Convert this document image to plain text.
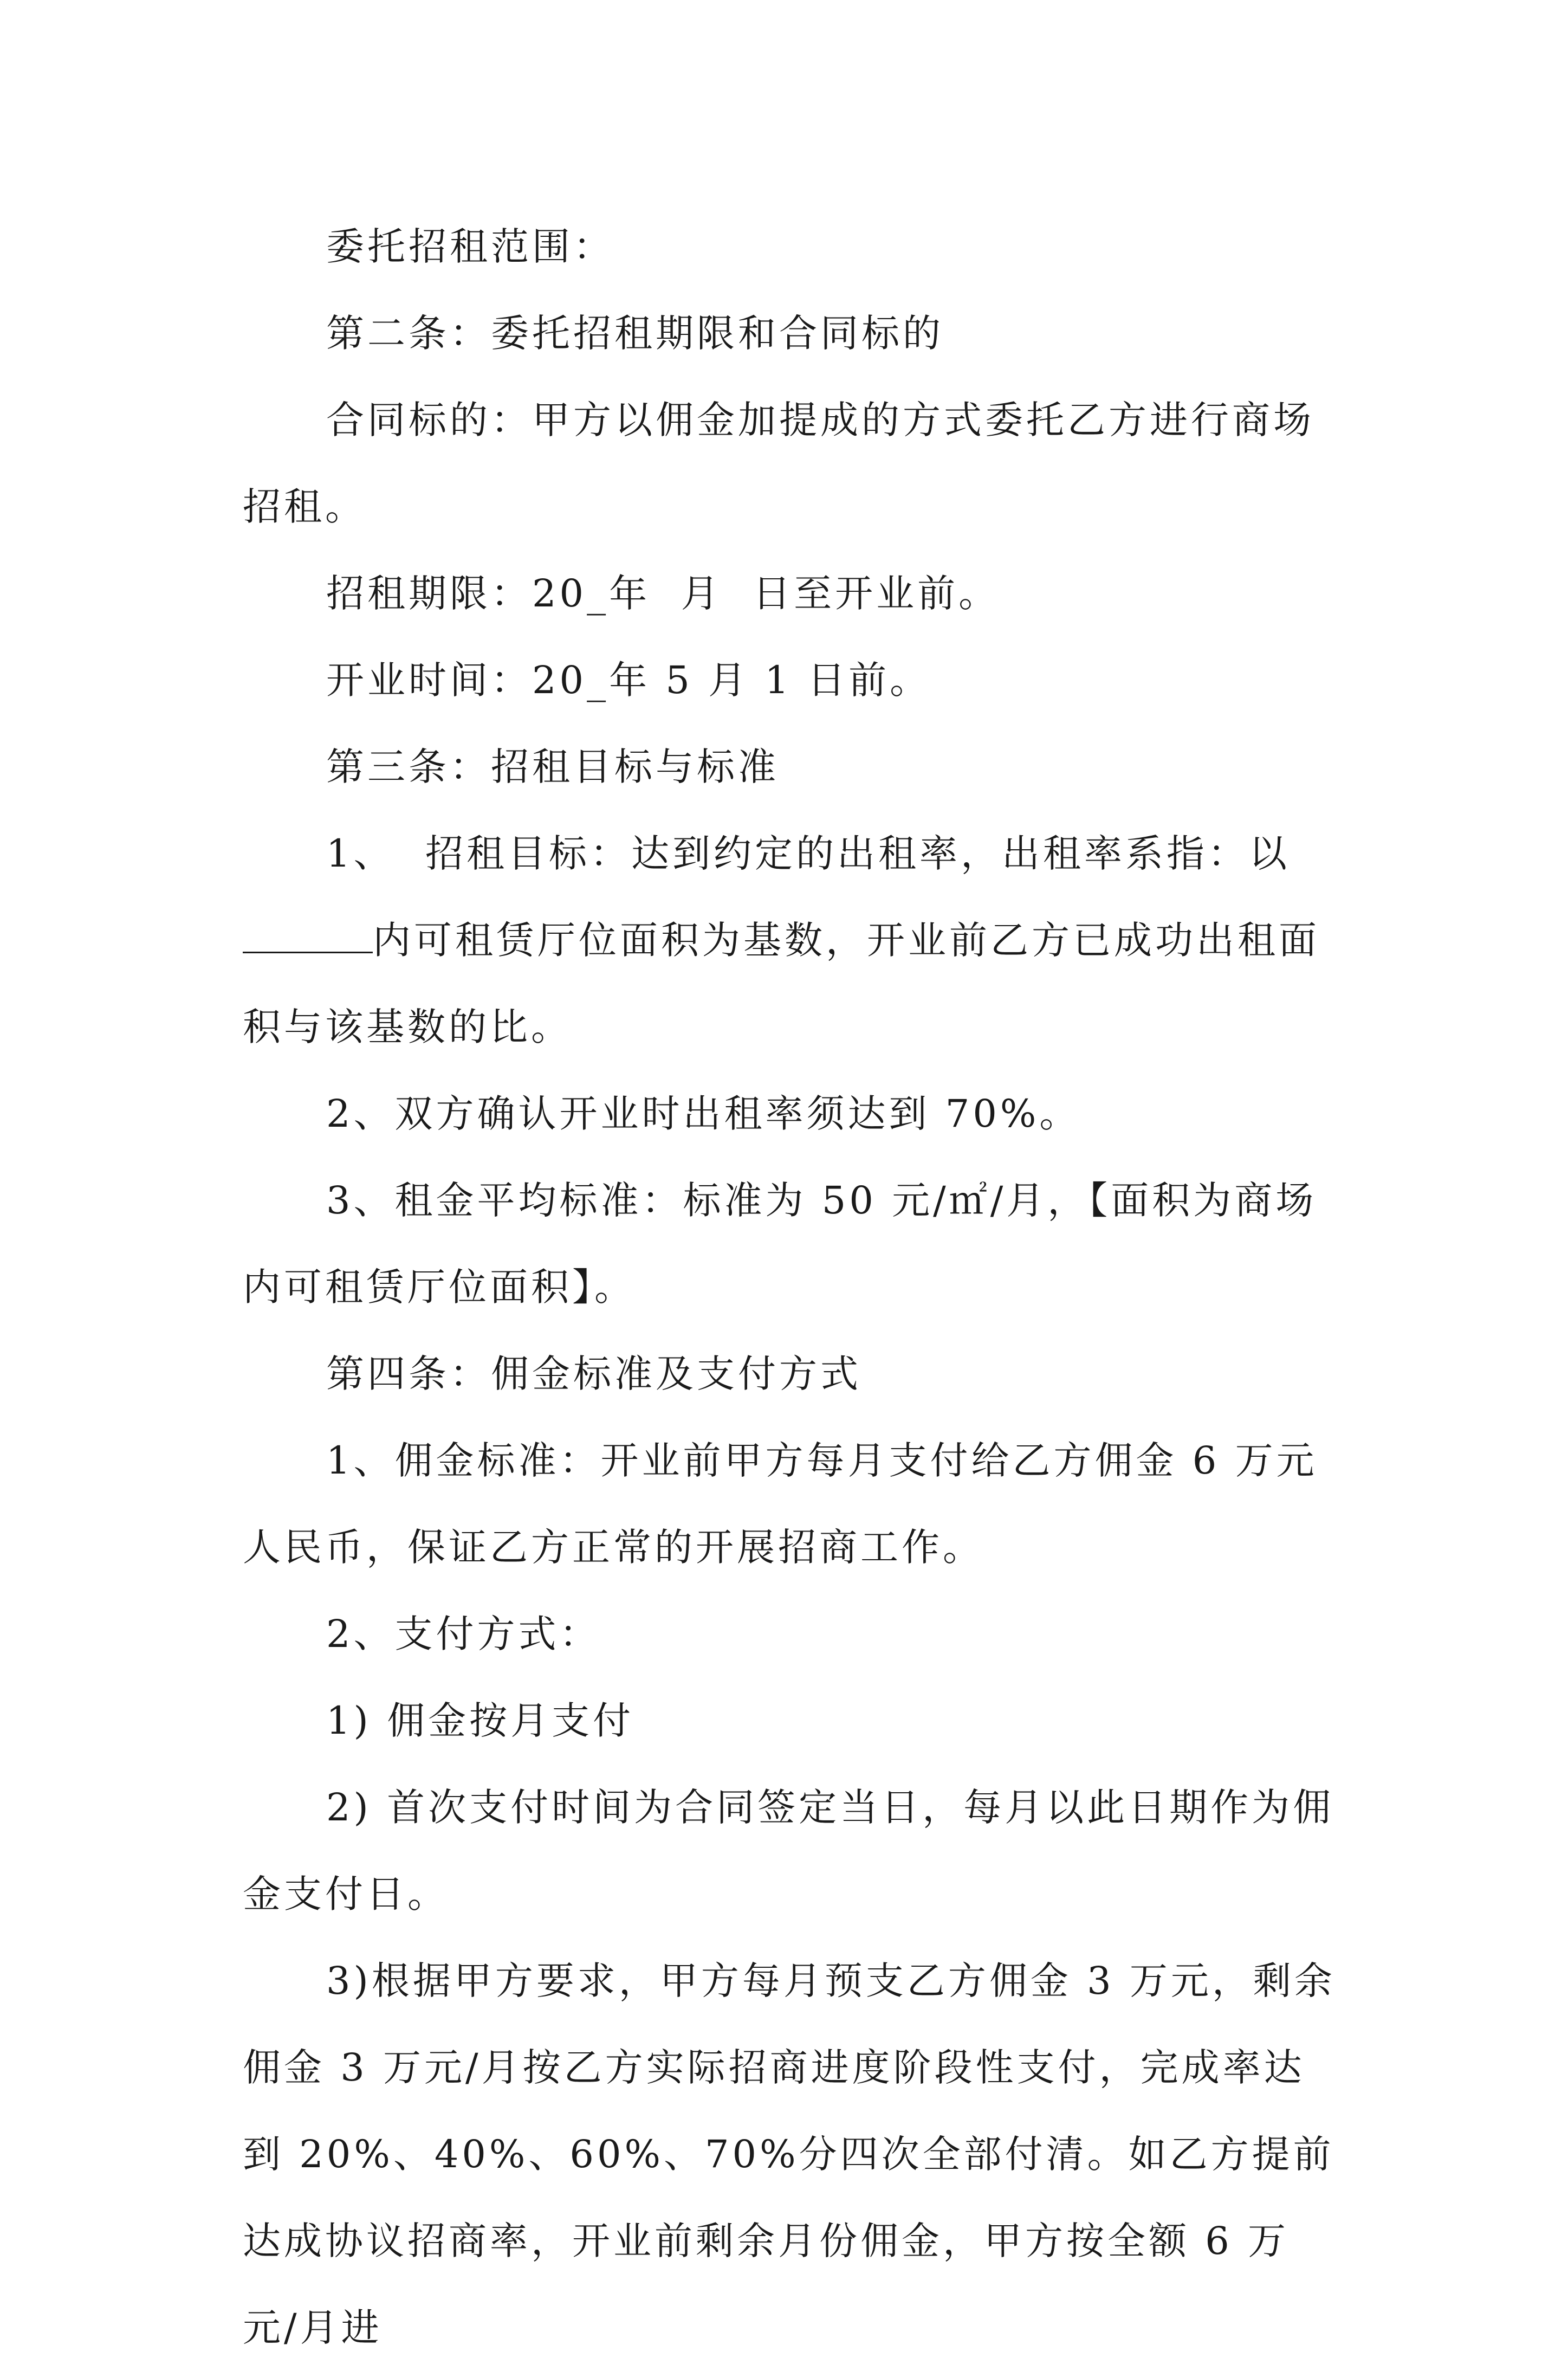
委托招租范围：

第二条：委托招租期限和合同标的

合同标的：甲方以佣金加提成的方式委托乙方进行商场招租。

招租期限：20_年  月  日至开业前。

开业时间：20_年 5 月 1 日前。

第三条：招租目标与标准

1、  招租目标：达到约定的出租率，出租率系指：以

内可租赁厅位面积为基数，开业前乙方已成功出租面积与该基数的比。

2、双方确认开业时出租率须达到 70%。

3、租金平均标准：标准为 50 元/㎡/月，【面积为商场内可租赁厅位面积】。

第四条：佣金标准及支付方式

1、佣金标准：开业前甲方每月支付给乙方佣金 6 万元人民币，保证乙方正常的开展招商工作。

2、支付方式：

1) 佣金按月支付

2) 首次支付时间为合同签定当日，每月以此日期作为佣金支付日。

3)根据甲方要求，甲方每月预支乙方佣金 3 万元，剩余佣金 3 万元/月按乙方实际招商进度阶段性支付，完成率达到 20%、40%、60%、70%分四次全部付清。如乙方提前达成协议招商率，开业前剩余月份佣金，甲方按全额 6 万元/月进
